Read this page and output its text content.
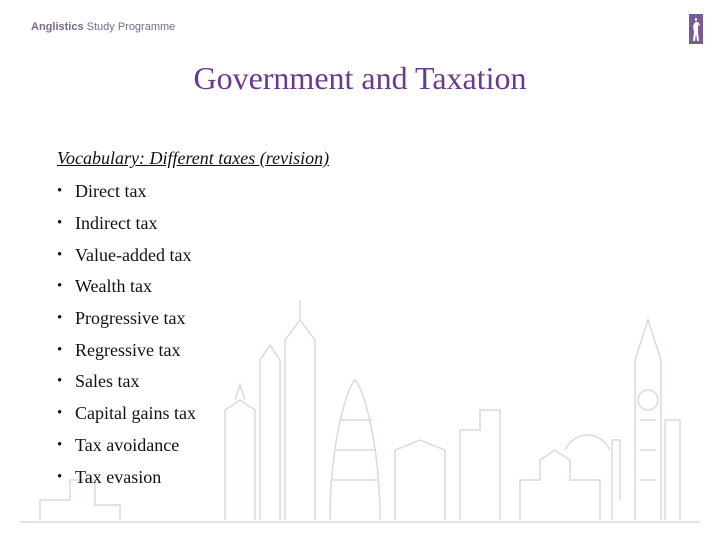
Anglistics Study Programme
Government and Taxation
Vocabulary: Different taxes (revision)
• Direct tax
• Indirect tax
• Value-added tax
• Wealth tax
• Progressive tax
• Regressive tax
• Sales tax
• Capital gains tax
• Tax avoidance
• Tax evasion
